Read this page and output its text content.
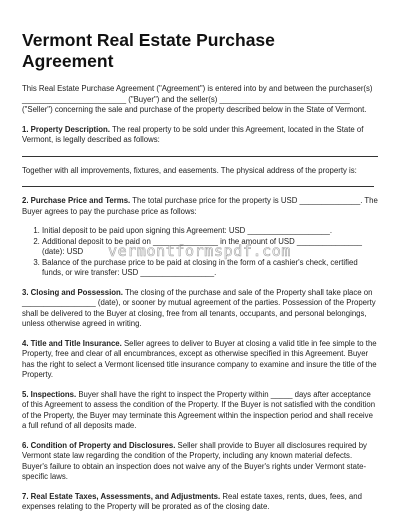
Vermont Real Estate Purchase Agreement

This Real Estate Purchase Agreement ("Agreement") is entered into by and between the purchaser(s) ________________________ ("Buyer") and the seller(s) ______________________________ ("Seller") concerning the sale and purchase of the property described below in the State of Vermont.

1. Property Description. The real property to be sold under this Agreement, located in the State of Vermont, is legally described as follows:

Together with all improvements, fixtures, and easements. The physical address of the property is:

2. Purchase Price and Terms. The total purchase price for the property is USD ______________. The Buyer agrees to pay the purchase price as follows:

1. Initial deposit to be paid upon signing this Agreement: USD ___________________.
2. Additional deposit to be paid on _______________ in the amount of USD _______________ (date): USD
3. Balance of the purchase price to be paid at closing in the form of a cashier's check, certified funds, or wire transfer: USD _________________.

3. Closing and Possession. The closing of the purchase and sale of the Property shall take place on _________________ (date), or sooner by mutual agreement of the parties. Possession of the Property shall be delivered to the Buyer at closing, free from all tenants, occupants, and personal belongings, unless otherwise agreed in writing.

4. Title and Title Insurance. Seller agrees to deliver to Buyer at closing a valid title in fee simple to the Property, free and clear of all encumbrances, except as otherwise specified in this Agreement. Buyer has the right to select a Vermont licensed title insurance company to examine and insure the title of the Property.

5. Inspections. Buyer shall have the right to inspect the Property within _____ days after acceptance of this Agreement to assess the condition of the Property. If the Buyer is not satisfied with the condition of the Property, the Buyer may terminate this Agreement within the inspection period and shall receive a full refund of all deposits made.

6. Condition of Property and Disclosures. Seller shall provide to Buyer all disclosures required by Vermont state law regarding the condition of the Property, including any known material defects. Buyer's failure to obtain an inspection does not waive any of the Buyer's rights under Vermont state-specific laws.

7. Real Estate Taxes, Assessments, and Adjustments. Real estate taxes, rents, dues, fees, and expenses relating to the Property will be prorated as of the closing date.

vermontformspdf.com
